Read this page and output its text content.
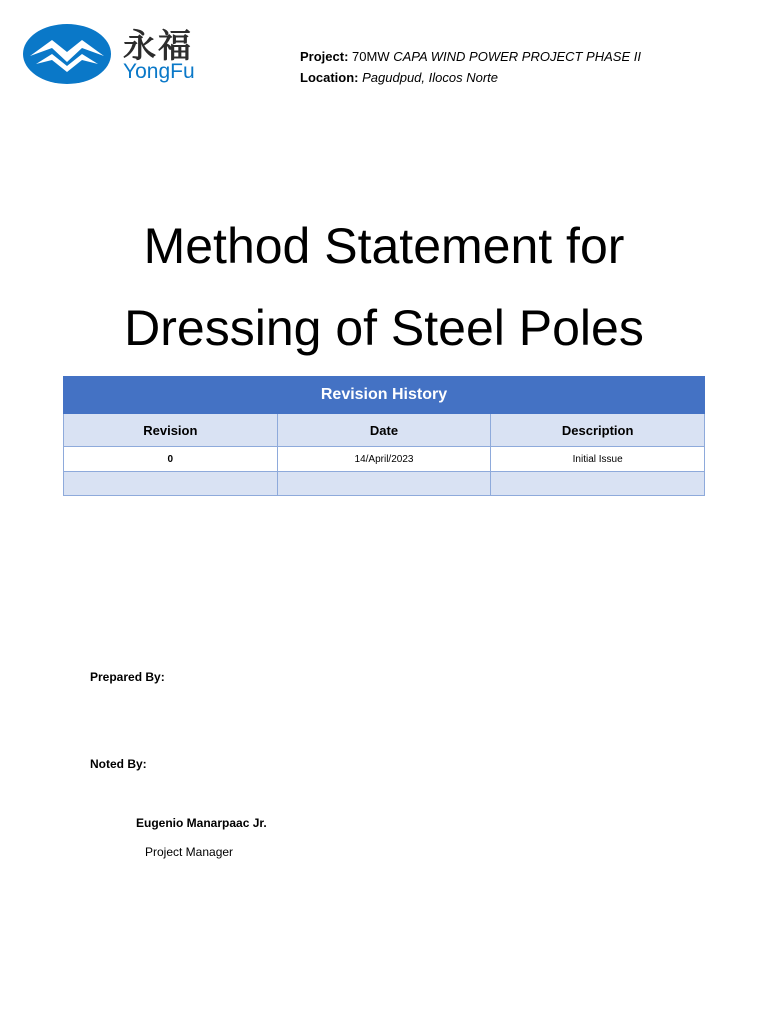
永福
YongFu
Project: 70MW CAPA WIND POWER PROJECT PHASE II
Location: Pagudpud, Ilocos Norte
Method Statement for
Dressing of Steel Poles
Revision History		
Revision	Date	Description
0	14/April/2023	Initial Issue

Prepared By:
Noted By:
Eugenio Manarpaac Jr.
Project Manager
